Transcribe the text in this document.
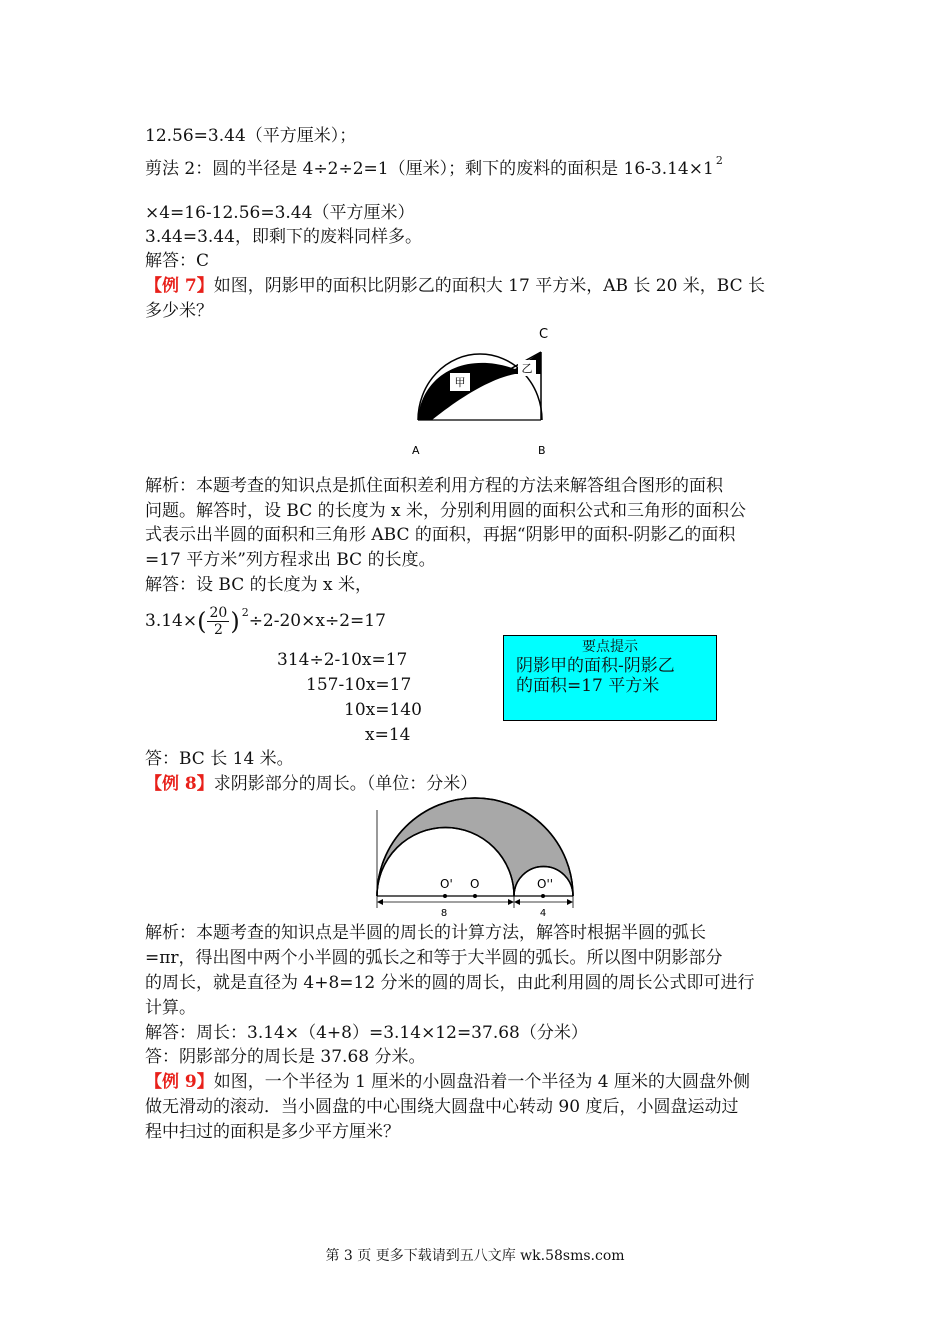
12.56=3.44（平方厘米）；
剪法 2：圆的半径是 4÷2÷2=1（厘米）；剩下的废料的面积是 16-3.14×1 $^2$
×4=16-12.56=3.44（平方厘米）
3.44=3.44，即剩下的废料同样多。
解答：C
【例 7】如图，阴影甲的面积比阴影乙的面积大 17 平方米，AB 长 20 米，BC 长
多少米？
甲
乙
C
A	B
解析：本题考查的知识点是抓住面积差利用方程的方法来解答组合图形的面积
问题。解答时，设 BC 的长度为 x 米，分别利用圆的面积公式和三角形的面积公
式表示出半圆的面积和三角形 ABC 的面积，再据“阴影甲的面积-阴影乙的面积
=17 平方米”列方程求出 BC 的长度。
解答：设 BC 的长度为 x 米，
$3.14\times( \frac{20}{2}$ ) $^2$÷2-20×x÷2=17
314÷2-10x=17
157-10x=17
10x=140
x=14
要点提示
阴影甲的面积-阴影乙
的面积=17 平方米
答：BC 长 14 米。
【例 8】求阴影部分的周长。（单位：分米）
O' O	O''
8	4
解析：本题考查的知识点是半圆的周长的计算方法，解答时根据半圆的弧长
=πr，得出图中两个小半圆的弧长之和等于大半圆的弧长。所以图中阴影部分
的周长，就是直径为 4+8=12 分米的圆的周长，由此利用圆的周长公式即可进行
计算。
解答：周长：3.14×（4+8）=3.14×12=37.68（分米）
答：阴影部分的周长是 37.68 分米。
【例 9】如图，一个半径为 1 厘米的小圆盘沿着一个半径为 4 厘米的大圆盘外侧
做无滑动的滚动．当小圆盘的中心围绕大圆盘中心转动 90 度后，小圆盘运动过
程中扫过的面积是多少平方厘米？
第 3 页 更多下载请到五八文库 wk.58sms.com
